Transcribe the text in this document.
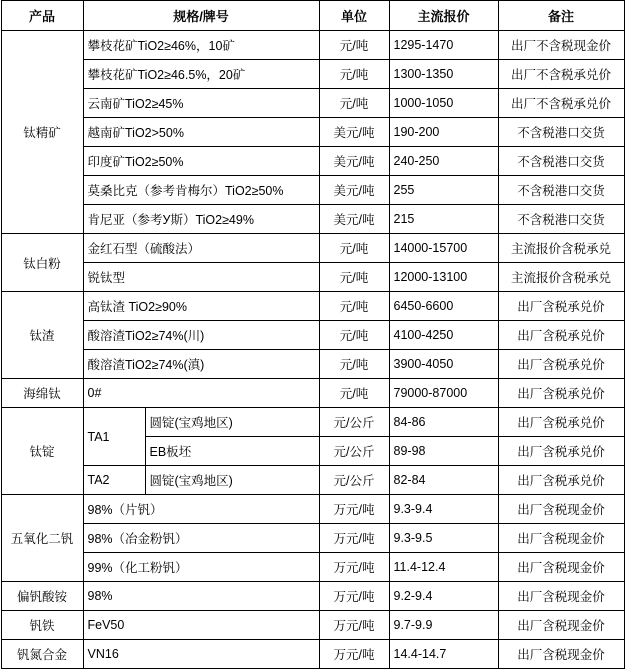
产品	规格/牌号		单位	主流报价	备注
钛精矿	攀枝花矿TiO2≥46%，10矿		元/吨	1295-1470	出厂不含税现金价
	攀枝花矿TiO2≥46.5%，20矿		元/吨	1300-1350	出厂不含税承兑价
	云南矿TiO2≥45%		元/吨	1000-1050	出厂不含税承兑价
	越南矿TiO2>50%		美元/吨	190-200	不含税港口交货
	印度矿TiO2≥50%		美元/吨	240-250	不含税港口交货
	莫桑比克（参考肯梅尔）TiO2≥50%		美元/吨	255	不含税港口交货
	肯尼亚（参考У斯）TiO2≥49%		美元/吨	215	不含税港口交货
钛白粉	金红石型（硫酸法）		元/吨	14000-15700	主流报价含税承兑
	锐钛型		元/吨	12000-13100	主流报价含税承兑
钛渣	高钛渣 TiO2≥90%		元/吨	6450-6600	出厂含税承兑价
	酸溶渣TiO2≥74%(川)		元/吨	4100-4250	出厂含税承兑价
	酸溶渣TiO2≥74%(滇)		元/吨	3900-4050	出厂含税承兑价
海绵钛	0#		元/吨	79000-87000	出厂含税承兑价
钛锭	TA1	圆锭(宝鸡地区)	元/公斤	84-86	出厂含税承兑价
		EB板坯	元/公斤	89-98	出厂含税承兑价
	TA2	圆锭(宝鸡地区)	元/公斤	82-84	出厂含税承兑价
五氧化二钒	98%（片钒）		万元/吨	9.3-9.4	出厂含税现金价
	98%（冶金粉钒）		万元/吨	9.3-9.5	出厂含税现金价
	99%（化工粉钒）		万元/吨	11.4-12.4	出厂含税现金价
偏钒酸铵	98%		万元/吨	9.2-9.4	出厂含税现金价
钒铁	FeV50		万元/吨	9.7-9.9	出厂含税现金价
钒氮合金	VN16		万元/吨	14.4-14.7	出厂含税现金价
